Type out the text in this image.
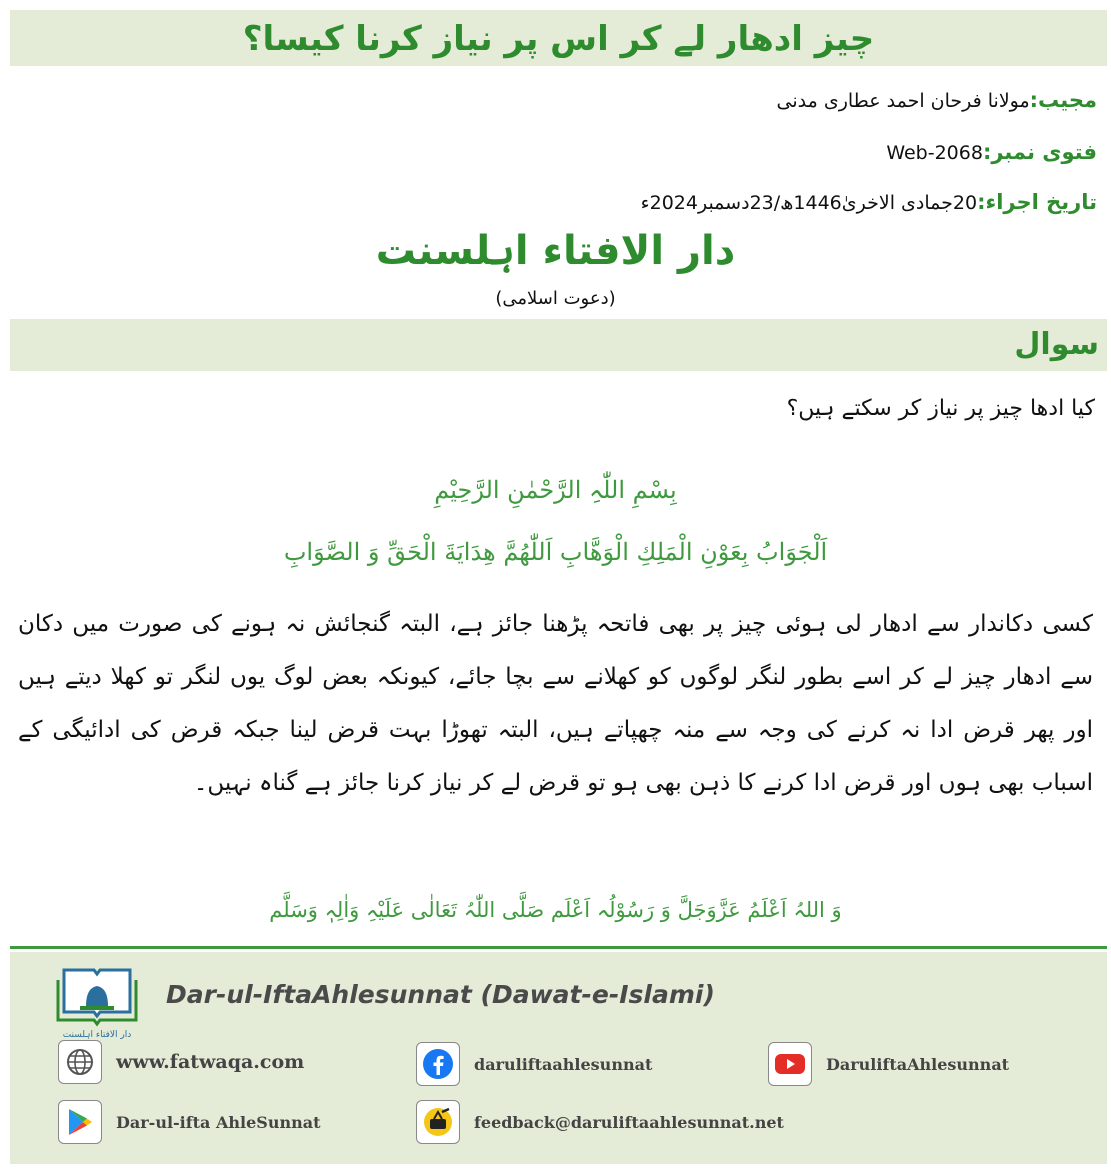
چیز ادھار لے کر اس پر نیاز کرنا کیسا؟
مجیب:مولانا فرحان احمد عطاری مدنی
فتوی نمبر:Web-2068
تاریخ اجراء:20جمادی الاخریٰ1446ھ/23دسمبر2024ء
دار الافتاء اہلسنت
(دعوت اسلامی)
سوال
کیا ادھا چیز پر نیاز کر سکتے ہیں؟
بِسْمِ اللّٰہِ الرَّحْمٰنِ الرَّحِیْمِ
اَلْجَوَابُ بِعَوْنِ الْمَلِكِ الْوَهَّابِ اَللّٰهُمَّ هِدَايَةَ الْحَقِّ وَ الصَّوَابِ
کسی دکاندار سے ادھار لی ہوئی چیز پر بھی فاتحہ پڑھنا جائز ہے، البتہ گنجائش نہ ہونے کی صورت میں دکان سے ادھار چیز لے کر اسے بطور لنگر لوگوں کو کھلانے سے بچا جائے، کیونکہ بعض لوگ یوں لنگر تو کھلا دیتے ہیں اور پھر قرض ادا نہ کرنے کی وجہ سے منہ چھپاتے ہیں، البتہ تھوڑا بہت قرض لینا جبکہ قرض کی ادائیگی کے اسباب بھی ہوں اور قرض ادا کرنے کا ذہن بھی ہو تو قرض لے کر نیاز کرنا جائز ہے گناہ نہیں۔
وَ اللہُ اَعْلَمُ عَزَّوَجَلَّ وَ رَسُوْلُہ اَعْلَم صَلَّی اللّٰہُ تَعَالٰی عَلَیْہِ وَاٰلِہٖ وَسَلَّم
دار الافتاء اہلسنت
Dar-ul-IftaAhlesunnat (Dawat-e-Islami)
www.fatwaqa.com	daruliftaahlesunnat	DaruliftaAhlesunnat
Dar-ul-ifta AhleSunnat	feedback@daruliftaahlesunnat.net
